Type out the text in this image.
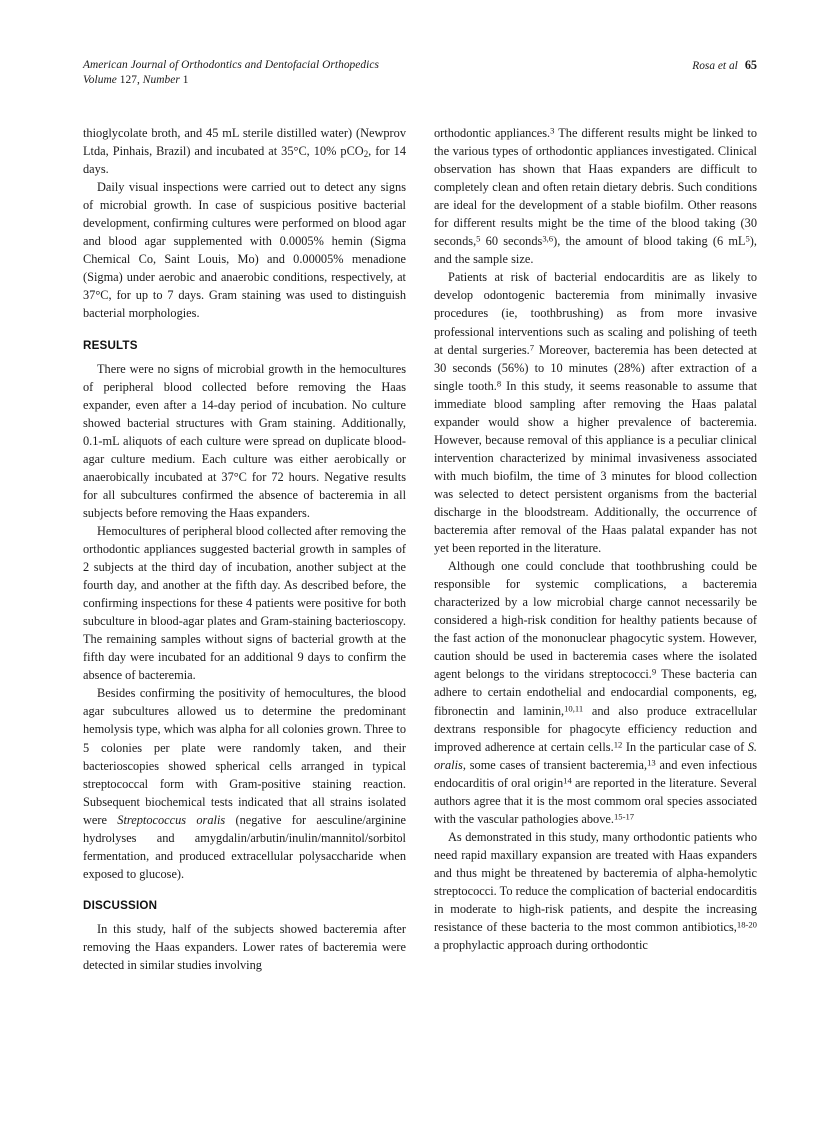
American Journal of Orthodontics and Dentofacial Orthopedics
Volume 127, Number 1
Rosa et al 65

thioglycolate broth, and 45 mL sterile distilled water) (Newprov Ltda, Pinhais, Brazil) and incubated at 35°C, 10% pCO$_2$, for 14 days.

Daily visual inspections were carried out to detect any signs of microbial growth. In case of suspicious positive bacterial development, confirming cultures were performed on blood agar and blood agar supplemented with 0.0005% hemin (Sigma Chemical Co, Saint Louis, Mo) and 0.00005% menadione (Sigma) under aerobic and anaerobic conditions, respectively, at 37°C, for up to 7 days. Gram staining was used to distinguish bacterial morphologies.

RESULTS

There were no signs of microbial growth in the hemocultures of peripheral blood collected before removing the Haas expander, even after a 14-day period of incubation. No culture showed bacterial structures with Gram staining. Additionally, 0.1-mL aliquots of each culture were spread on duplicate blood-agar culture medium. Each culture was either aerobically or anaerobically incubated at 37°C for 72 hours. Negative results for all subcultures confirmed the absence of bacteremia in all subjects before removing the Haas expanders.

Hemocultures of peripheral blood collected after removing the orthodontic appliances suggested bacterial growth in samples of 2 subjects at the third day of incubation, another subject at the fourth day, and another at the fifth day. As described before, the confirming inspections for these 4 patients were positive for both subculture in blood-agar plates and Gram-staining bacterioscopy. The remaining samples without signs of bacterial growth at the fifth day were incubated for an additional 9 days to confirm the absence of bacteremia.

Besides confirming the positivity of hemocultures, the blood agar subcultures allowed us to determine the predominant hemolysis type, which was alpha for all colonies grown. Three to 5 colonies per plate were randomly taken, and their bacterioscopies showed spherical cells arranged in typical streptococcal form with Gram-positive staining reaction. Subsequent biochemical tests indicated that all strains isolated were Streptococcus oralis (negative for aesculine/arginine hydrolyses and amygdalin/arbutin/inulin/mannitol/sorbitol fermentation, and produced extracellular polysaccharide when exposed to glucose).

DISCUSSION

In this study, half of the subjects showed bacteremia after removing the Haas expanders. Lower rates of bacteremia were detected in similar studies involving

orthodontic appliances.$^3$ The different results might be linked to the various types of orthodontic appliances investigated. Clinical observation has shown that Haas expanders are difficult to completely clean and often retain dietary debris. Such conditions are ideal for the development of a stable biofilm. Other reasons for different results might be the time of the blood taking (30 seconds,$^5$ 60 seconds$^{3,6}$), the amount of blood taking (6 $mL^5$), and the sample size.

Patients at risk of bacterial endocarditis are as likely to develop odontogenic bacteremia from minimally invasive procedures (ie, toothbrushing) as from more invasive professional interventions such as scaling and polishing of teeth at dental surgeries.$^7$ Moreover, bacteremia has been detected at 30 seconds (56%) to 10 minutes (28%) after extraction of a single tooth.$^8$ In this study, it seems reasonable to assume that immediate blood sampling after removing the Haas palatal expander would show a higher prevalence of bacteremia. However, because removal of this appliance is a peculiar clinical intervention characterized by minimal invasiveness associated with much biofilm, the time of 3 minutes for blood collection was selected to detect persistent organisms from the bacterial discharge in the bloodstream. Additionally, the occurrence of bacteremia after removal of the Haas palatal expander has not yet been reported in the literature.

Although one could conclude that toothbrushing could be responsible for systemic complications, a bacteremia characterized by a low microbial charge cannot necessarily be considered a high-risk condition for healthy patients because of the fast action of the mononuclear phagocytic system. However, caution should be used in bacteremia cases where the isolated agent belongs to the viridans streptococci.$^9$ These bacteria can adhere to certain endothelial and endocardial components, eg, fibronectin and laminin,$^{10,11}$ and also produce extracellular dextrans responsible for phagocyte efficiency reduction and improved adherence at certain cells.$^{12}$ In the particular case of S. oralis, some cases of transient bacteremia,$^{13}$ and even infectious endocarditis of oral origin$^{14}$ are reported in the literature. Several authors agree that it is the most commom oral species associated with the vascular pathologies above.$^{15-17}$

As demonstrated in this study, many orthodontic patients who need rapid maxillary expansion are treated with Haas expanders and thus might be threatened by bacteremia of alpha-hemolytic streptococci. To reduce the complication of bacterial endocarditis in moderate to high-risk patients, and despite the increasing resistance of these bacteria to the most common antibiotics,$^{18-20}$ a prophylactic approach during orthodontic
